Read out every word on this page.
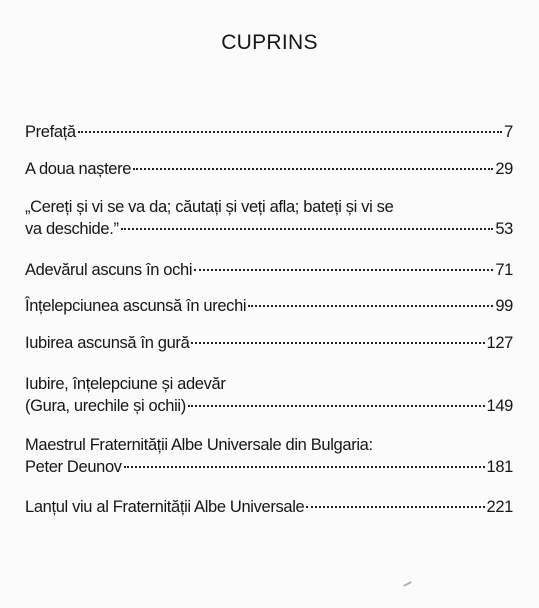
CUPRINS
Prefață	7
A doua naștere	29
„Cereți și vi se va da; căutați și veți afla; bateți și vi se
va deschide.”	53
Adevărul ascuns în ochi	71
Înțelepciunea ascunsă în urechi	99
Iubirea ascunsă în gură	127
Iubire, înțelepciune și adevăr
(Gura, urechile și ochii)	149
Maestrul Fraternității Albe Universale din Bulgaria:
Peter Deunov	181
Lanțul viu al Fraternității Albe Universale	221
